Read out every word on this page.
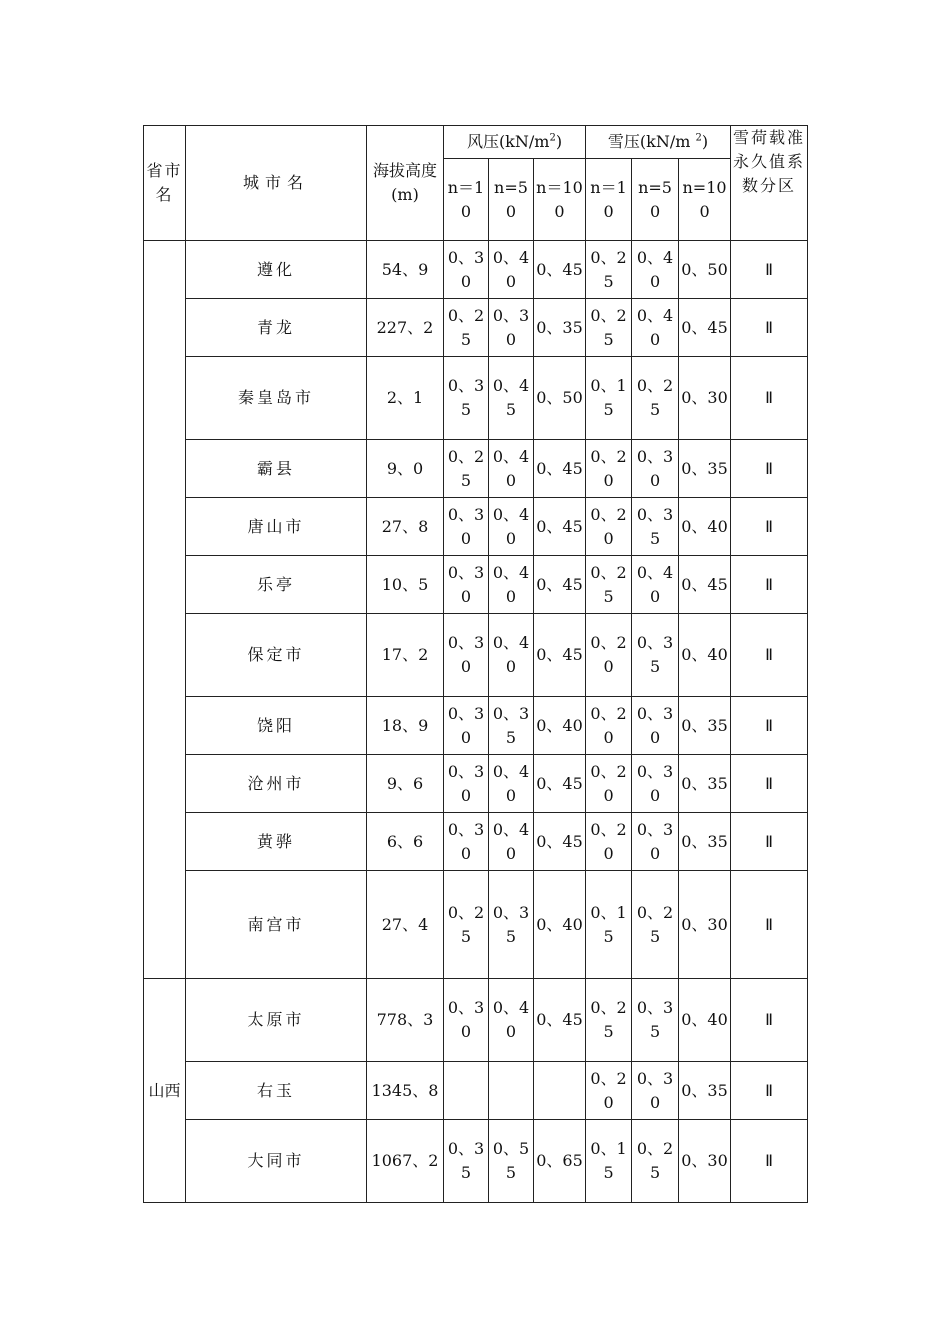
省市名	城市名	海拔高度(m)	风压$(kN/m^2)$			雪压(kN/m $^2$)			雪荷载准永久值系数分区
			n＝10	n=50	n＝100	n＝10	n=50	n=100	
	遵化	54、9	0、30	0、40	0、45	0、25	0、40	0、50	Ⅱ
	青龙	227、2	0、25	0、30	0、35	0、25	0、40	0、45	Ⅱ
	秦皇岛市	2、1	0、35	0、45	0、50	0、15	0、25	0、30	Ⅱ
	霸县	9、0	0、25	0、40	0、45	0、20	0、30	0、35	Ⅱ
	唐山市	27、8	0、30	0、40	0、45	0、20	0、35	0、40	Ⅱ
	乐亭	10、5	0、30	0、40	0、45	0、25	0、40	0、45	Ⅱ
	保定市	17、2	0、30	0、40	0、45	0、20	0、35	0、40	Ⅱ
	饶阳	18、9	0、30	0、35	0、40	0、20	0、30	0、35	Ⅱ
	沧州市	9、6	0、30	0、40	0、45	0、20	0、30	0、35	Ⅱ
	黄骅	6、6	0、30	0、40	0、45	0、20	0、30	0、35	Ⅱ
	南宫市	27、4	0、25	0、35	0、40	0、15	0、25	0、30	Ⅱ
山西	太原市	778、3	0、30	0、40	0、45	0、25	0、35	0、40	Ⅱ
	右玉	1345、8				0、20	0、30	0、35	Ⅱ
	大同市	1067、2	0、35	0、55	0、65	0、15	0、25	0、30	Ⅱ
